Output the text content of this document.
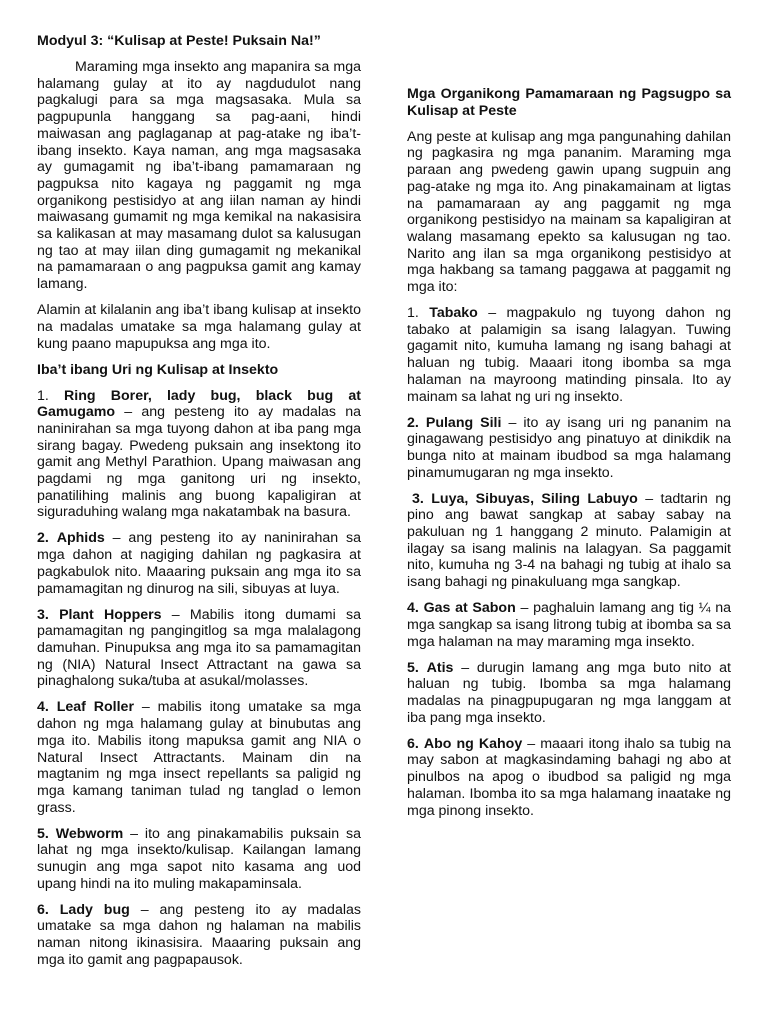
Modyul 3: “Kulisap at Peste! Puksain Na!”

Maraming mga insekto ang mapanira sa mga halamang gulay at ito ay nagdudulot nang pagkalugi para sa mga magsasaka. Mula sa pagpupunla hanggang sa pag-aani, hindi maiwasan ang paglaganap at pag-atake ng iba’t-ibang insekto. Kaya naman, ang mga magsasaka ay gumagamit ng iba’t-ibang pamamaraan ng pagpuksa nito kagaya ng paggamit ng mga organikong pestisidyo at ang iilan naman ay hindi maiwasang gumamit ng mga kemikal na nakasisira sa kalikasan at may masamang dulot sa kalusugan ng tao at may iilan ding gumagamit ng mekanikal na pamamaraan o ang pagpuksa gamit ang kamay lamang.

Alamin at kilalanin ang iba’t ibang kulisap at insekto na madalas umatake sa mga halamang gulay at kung paano mapupuksa ang mga ito.

Iba’t ibang Uri ng Kulisap at Insekto

1. Ring Borer, lady bug, black bug at Gamugamo – ang pesteng ito ay madalas na naninirahan sa mga tuyong dahon at iba pang mga sirang bagay. Pwedeng puksain ang insektong ito gamit ang Methyl Parathion. Upang maiwasan ang pagdami ng mga ganitong uri ng insekto, panatilihing malinis ang buong kapaligiran at siguraduhing walang mga nakatambak na basura.

2. Aphids – ang pesteng ito ay naninirahan sa mga dahon at nagiging dahilan ng pagkasira at pagkabulok nito. Maaaring puksain ang mga ito sa pamamagitan ng dinurog na sili, sibuyas at luya.

3. Plant Hoppers – Mabilis itong dumami sa pamamagitan ng pangingitlog sa mga malalagong damuhan. Pinupuksa ang mga ito sa pamamagitan ng (NIA) Natural Insect Attractant na gawa sa pinaghalong suka/tuba at asukal/molasses.

4. Leaf Roller – mabilis itong umatake sa mga dahon ng mga halamang gulay at binubutas ang mga ito. Mabilis itong mapuksa gamit ang NIA o Natural Insect Attractants. Mainam din na magtanim ng mga insect repellants sa paligid ng mga kamang taniman tulad ng tanglad o lemon grass.

5. Webworm – ito ang pinakamabilis puksain sa lahat ng mga insekto/kulisap. Kailangan lamang sunugin ang mga sapot nito kasama ang uod upang hindi na ito muling makapaminsala.

6. Lady bug – ang pesteng ito ay madalas umatake sa mga dahon ng halaman na mabilis naman nitong ikinasisira. Maaaring puksain ang mga ito gamit ang pagpapausok.

Mga Organikong Pamamaraan ng Pagsugpo sa Kulisap at Peste

Ang peste at kulisap ang mga pangunahing dahilan ng pagkasira ng mga pananim. Maraming mga paraan ang pwedeng gawin upang sugpuin ang pag-atake ng mga ito. Ang pinakamainam at ligtas na pamamaraan ay ang paggamit ng mga organikong pestisidyo na mainam sa kapaligiran at walang masamang epekto sa kalusugan ng tao. Narito ang ilan sa mga organikong pestisidyo at mga hakbang sa tamang paggawa at paggamit ng mga ito:

1. Tabako – magpakulo ng tuyong dahon ng tabako at palamigin sa isang lalagyan. Tuwing gagamit nito, kumuha lamang ng isang bahagi at haluan ng tubig. Maaari itong ibomba sa mga halaman na mayroong matinding pinsala. Ito ay mainam sa lahat ng uri ng insekto.

2. Pulang Sili – ito ay isang uri ng pananim na ginagawang pestisidyo ang pinatuyo at dinikdik na bunga nito at mainam ibudbod sa mga halamang pinamumugaran ng mga insekto.

3. Luya, Sibuyas, Siling Labuyo – tadtarin ng pino ang bawat sangkap at sabay sabay na pakuluan ng 1 hanggang 2 minuto. Palamigin at ilagay sa isang malinis na lalagyan. Sa paggamit nito, kumuha ng 3-4 na bahagi ng tubig at ihalo sa isang bahagi ng pinakuluang mga sangkap.

4. Gas at Sabon – paghaluin lamang ang tig ¼ na mga sangkap sa isang litrong tubig at ibomba sa sa mga halaman na may maraming mga insekto.

5. Atis – durugin lamang ang mga buto nito at haluan ng tubig. Ibomba sa mga halamang madalas na pinagpupugaran ng mga langgam at iba pang mga insekto.

6. Abo ng Kahoy – maaari itong ihalo sa tubig na may sabon at magkasindaming bahagi ng abo at pinulbos na apog o ibudbod sa paligid ng mga halaman. Ibomba ito sa mga halamang inaatake ng mga pinong insekto.
